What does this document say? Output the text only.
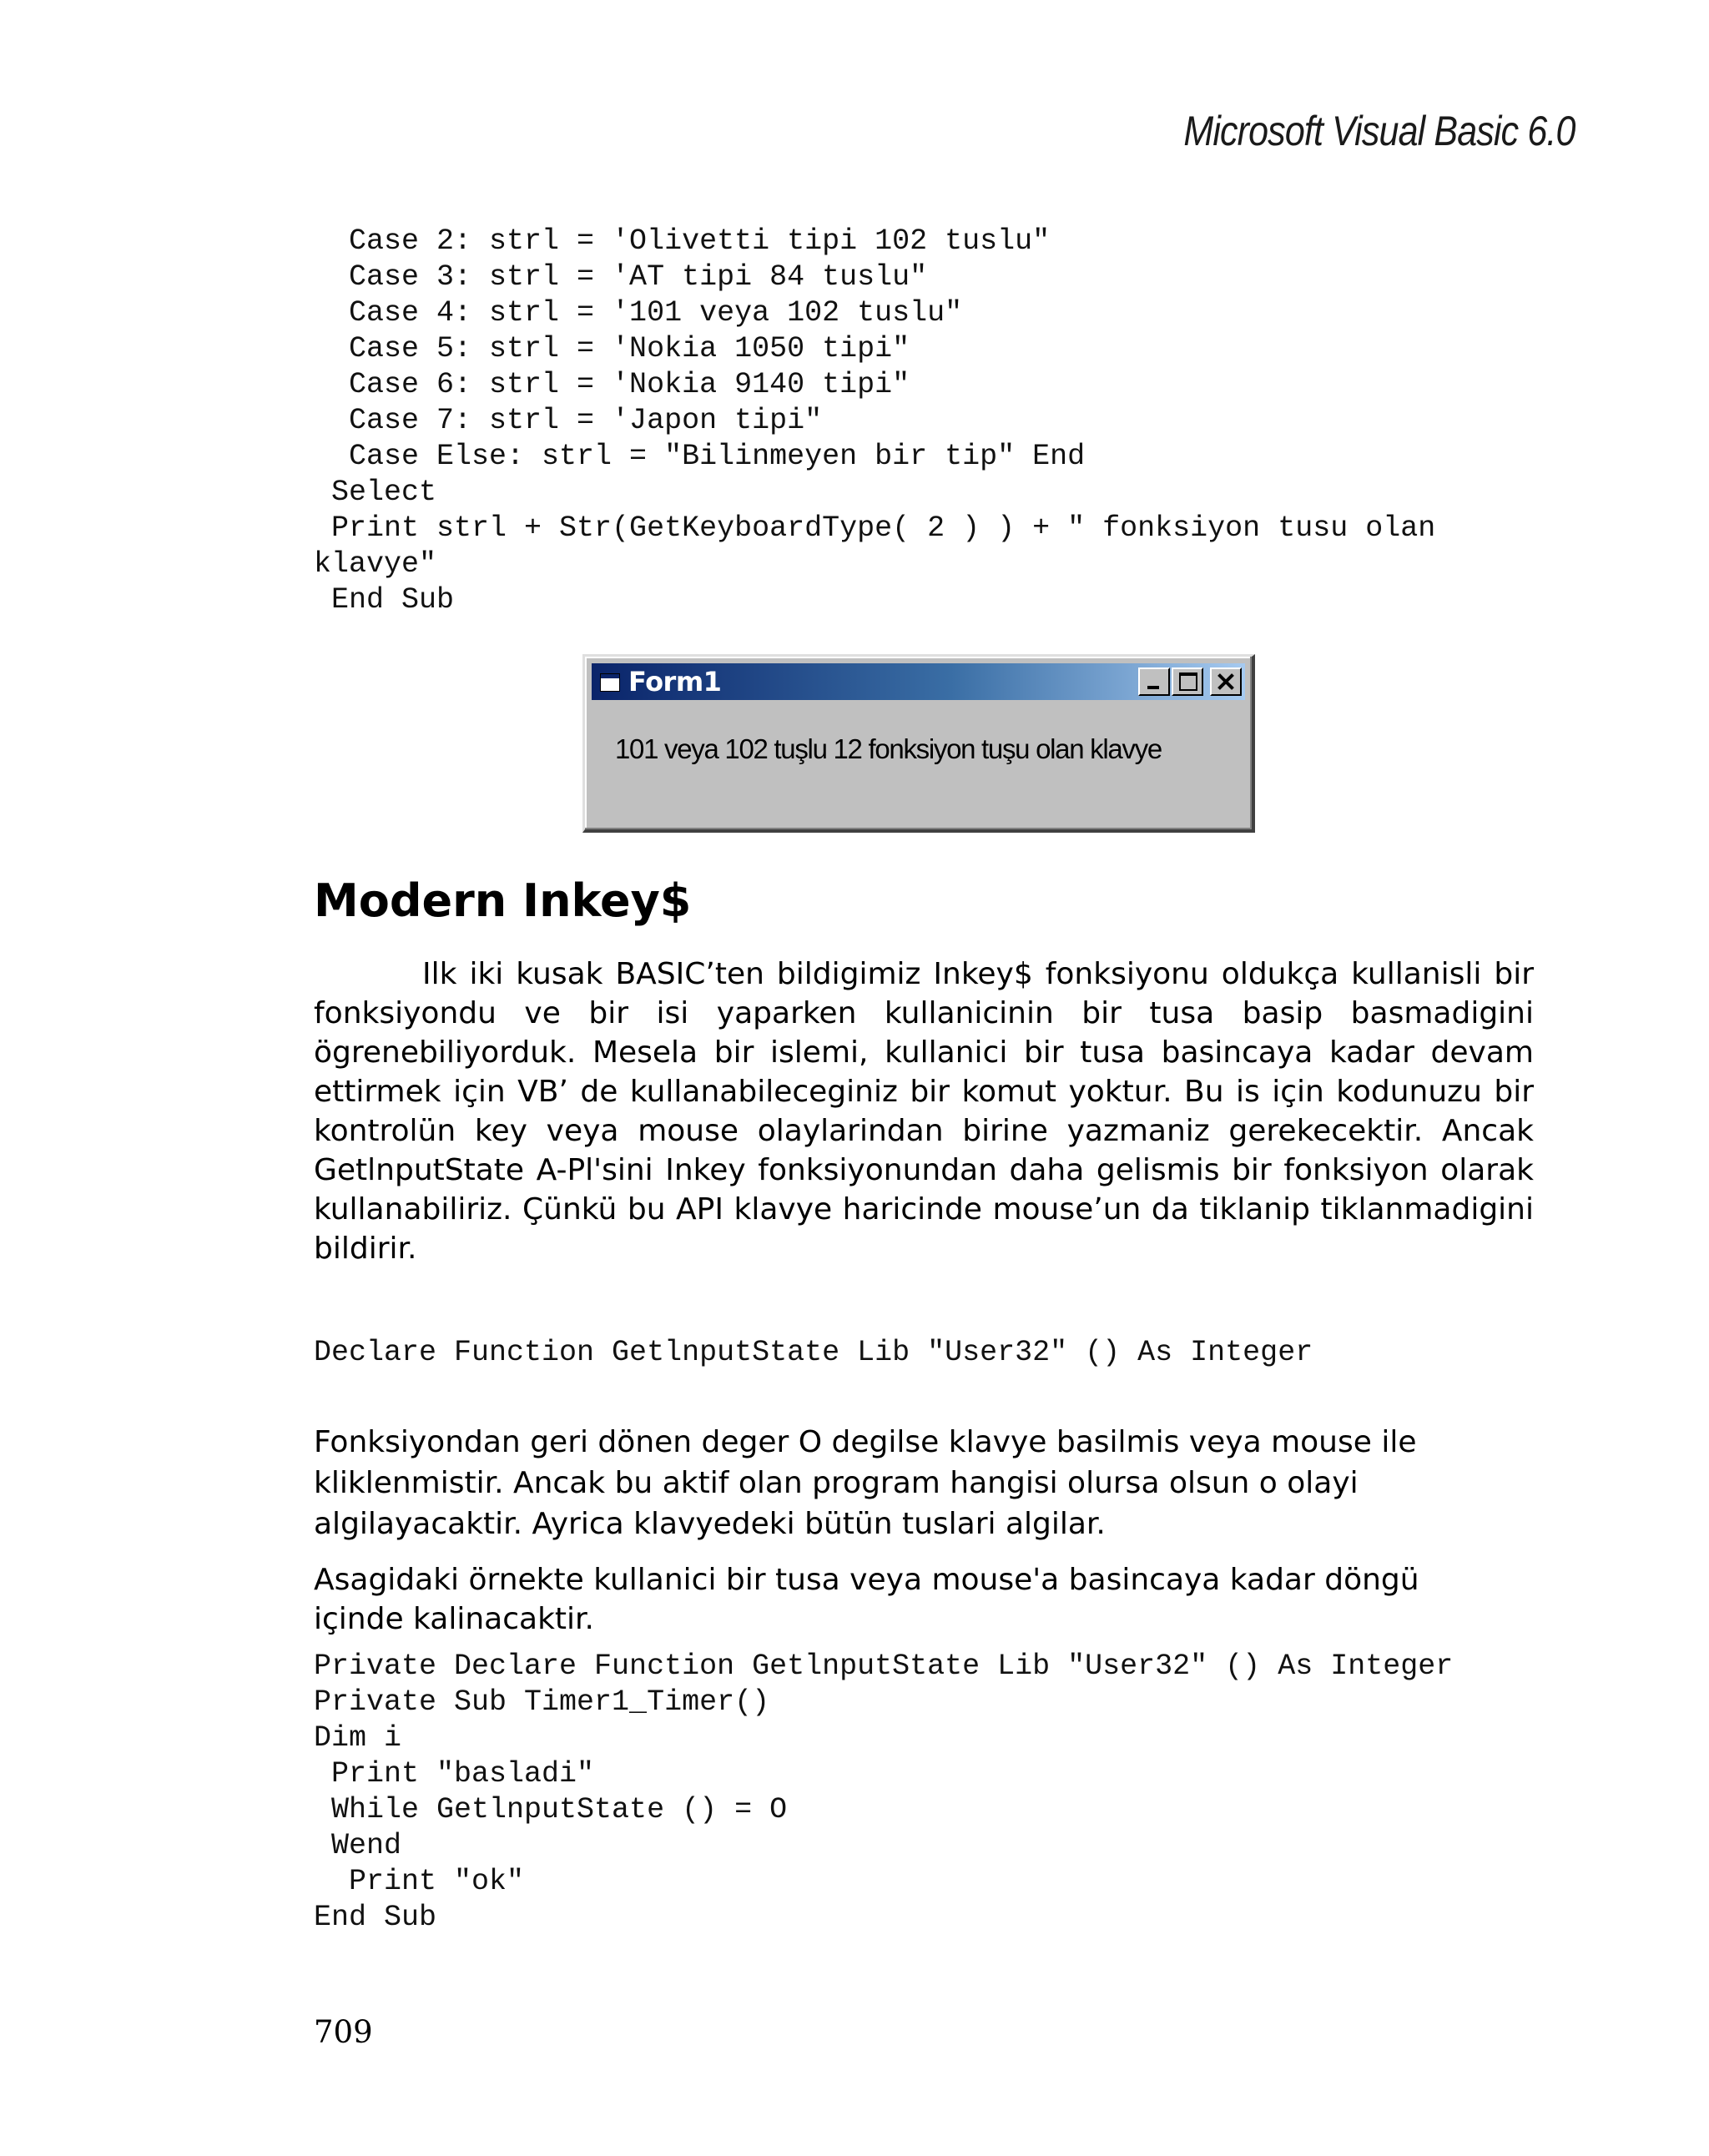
Microsoft Visual Basic 6.0
Case 2: strl = 'Olivetti tipi 102 tuslu"
Case 3: strl = 'AT tipi 84 tuslu"
Case 4: strl = '101 veya 102 tuslu"
Case 5: strl = 'Nokia 1050 tipi"
Case 6: strl = 'Nokia 9140 tipi"
Case 7: strl = 'Japon tipi"
Case Else: strl = "Bilinmeyen bir tip" End
Select
Print strl + Str(GetKeyboardType( 2 ) ) + " fonksiyon tusu olan
klavye"
End Sub
Form1
101 veya 102 tuşlu 12 fonksiyon tuşu olan klavye
Modern Inkey$

Ilk iki kusak BASIC’ten bildigimiz Inkey$ fonksiyonu oldukça kullanisli bir fonksiyondu ve bir isi yaparken kullanicinin bir tusa basip basmadigini ögrenebiliyorduk. Mesela bir islemi, kullanici bir tusa basincaya kadar devam ettirmek için VB’ de kullanabileceginiz bir komut yoktur. Bu is için kodunuzu bir kontrolün key veya mouse olaylarindan birine yazmaniz gerekecektir. Ancak GetlnputState A-Pl'sini Inkey fonksiyonundan daha gelismis bir fonksiyon olarak kullanabiliriz. Çünkü bu API klavye haricinde mouse’un da tiklanip tiklanmadigini bildirir.

Declare Function GetlnputState Lib "User32" () As Integer

Fonksiyondan geri dönen deger O degilse klavye basilmis veya mouse ile kliklenmistir. Ancak bu aktif olan program hangisi olursa olsun o olayi algilayacaktir. Ayrica klavyedeki bütün tuslari algilar.

Asagidaki örnekte kullanici bir tusa veya mouse'a basincaya kadar döngü içinde kalinacaktir.

Private Declare Function GetlnputState Lib "User32" () As Integer
Private Sub Timer1_Timer()
Dim i
Print "basladi"
While GetlnputState () = O
Wend
Print "ok"
End Sub
709
